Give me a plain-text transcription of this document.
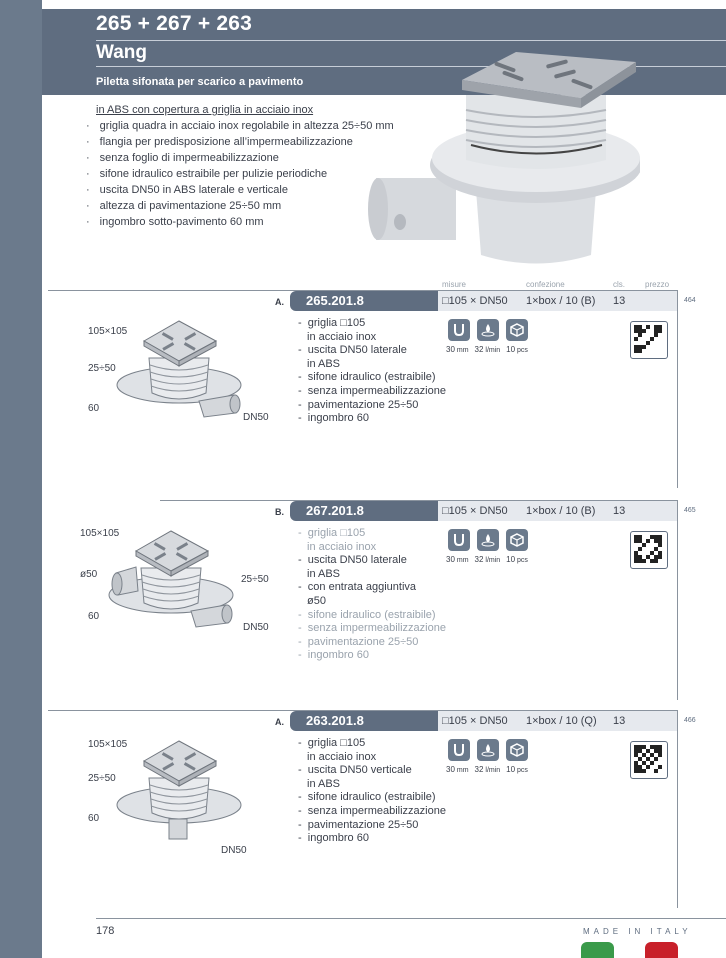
265 + 267 + 263
Wang
Piletta sifonata per scarico a pavimento
in ABS con copertura a griglia in acciaio inox
· griglia quadra in acciaio inox regolabile in altezza 25÷50 mm
· flangia per predisposizione all’impermeabilizzazione
· senza foglio di impermeabilizzazione
· sifone idraulico estraibile per pulizie periodiche
· uscita DN50 in ABS laterale e verticale
· altezza di pavimentazione 25÷50 mm
· ingombro sotto-pavimento 60 mm
misure	confezione	cls.	prezzo
A.	265.201.8	□105 × DN50 1×box / 10 (B) 13	464
105×105
25÷50
60
DN50
-  griglia □105
in acciaio inox
-  uscita DN50 laterale
in ABS
-  sifone idraulico (estraibile)
-  senza impermeabilizzazione
-  pavimentazione 25÷50
-  ingombro 60
30 mm 32 l/min 10 pcs
B.	267.201.8	□105 × DN50 1×box / 10 (B) 13	465
105×105
ø50	25÷50
60
DN50
-  griglia □105
in acciaio inox
-  uscita DN50 laterale
in ABS
-  con entrata aggiuntiva
ø50
-  sifone idraulico (estraibile)
-  senza impermeabilizzazione
-  pavimentazione 25÷50
-  ingombro 60
30 mm 32 l/min 10 pcs
A.	263.201.8	□105 × DN50 1×box / 10 (Q) 13	466
105×105
25÷50
60
DN50
-  griglia □105
in acciaio inox
-  uscita DN50 verticale
in ABS
-  sifone idraulico (estraibile)
-  senza impermeabilizzazione
-  pavimentazione 25÷50
-  ingombro 60
30 mm 32 l/min 10 pcs
178	MADE IN ITALY
